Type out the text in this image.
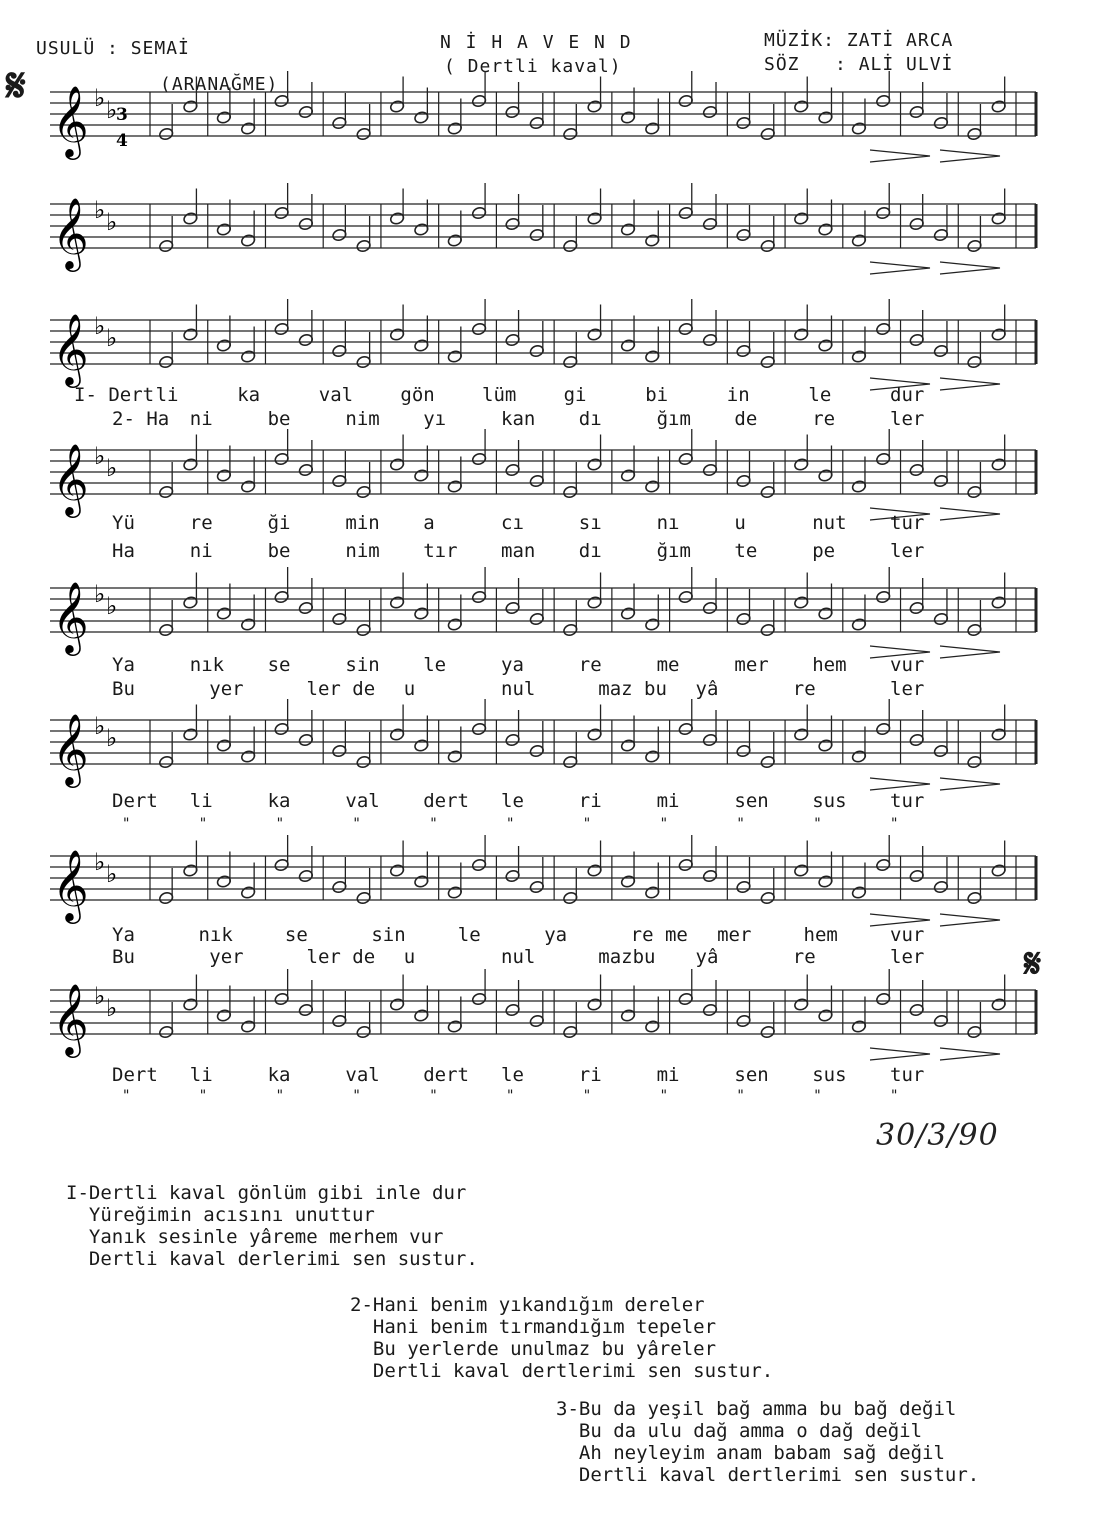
USULÜ : SEMAİ	N İ H A V E N D
( Dertli kaval)
(ARANAĞME)
MÜZİK: ZATİ ARCA
SÖZ   : ALİ ULVİ
𝄋
𝄋
𝄞 ♭ ♭
𝄞 ♭ ♭
𝄞 ♭ ♭
𝄞 ♭ ♭
𝄞 ♭ ♭
𝄞 ♭ ♭
𝄞 ♭ ♭
𝄞 ♭ ♭
3
4
I- Dert li	ka	val gön lüm gi	bi	in	le	dur
2- Ha ni	be	nim yı	kan dı	ğım de	re	ler
Yü	re	ği	min a	cı	sı	nı	u	nut tur
Ha	ni	be	nim tır man dı	ğım te	pe	ler
Ya	nık se	sin le	ya	re	me	mer hem vur
Bu	yer	ler de u	nul	maz bu yâ	re	ler
Dert li	ka	val dert le	ri	mi	sen sus tur
Ya	nık	se	sin	le	ya	re me mer	hem	vur
Bu	yer	ler de u	nul	mazbu yâ	re	ler
Dert li	ka	val dert le	ri	mi	sen sus tur
"	"	"	"	"	"	"	"	"	"	"
"	"	"	"	"	"	"	"	"	"	"
30/3/90
I-Dertli kaval gönlüm gibi inle dur
Yüreğimin acısını unuttur
Yanık sesinle yâreme merhem vur
Dertli kaval derlerimi sen sustur.
2-Hani benim yıkandığım dereler
Hani benim tırmandığım tepeler
Bu yerlerde unulmaz bu yâreler
Dertli kaval dertlerimi sen sustur.
3-Bu da yeşil bağ amma bu bağ değil
Bu da ulu dağ amma o dağ değil
Ah neyleyim anam babam sağ değil
Dertli kaval dertlerimi sen sustur.
